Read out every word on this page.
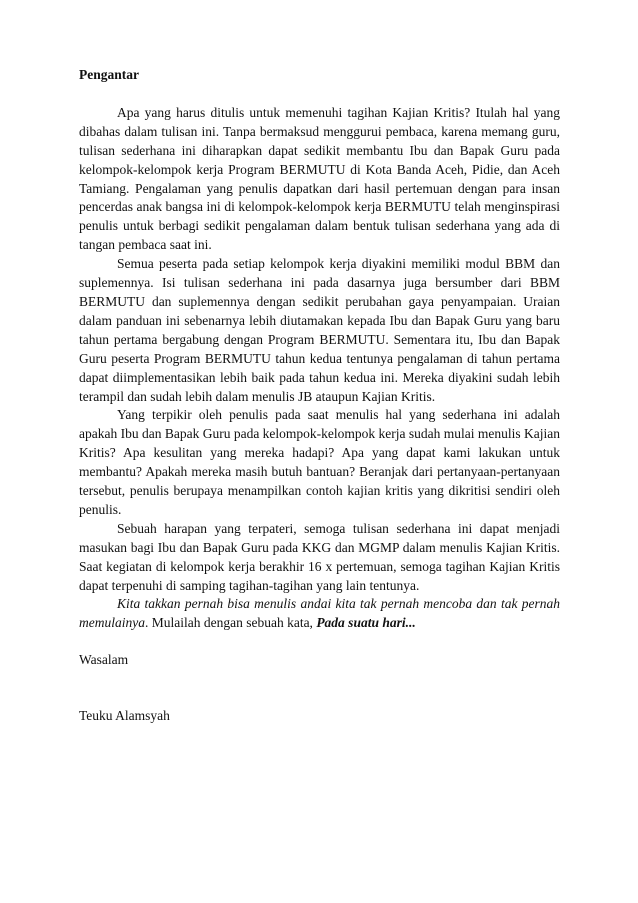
Pengantar

Apa yang harus ditulis untuk memenuhi tagihan Kajian Kritis? Itulah hal yang dibahas dalam tulisan ini. Tanpa bermaksud menggurui pembaca, karena memang guru, tulisan sederhana ini diharapkan dapat sedikit membantu Ibu dan Bapak Guru pada kelompok-kelompok kerja Program BERMUTU di Kota Banda Aceh, Pidie, dan Aceh Tamiang. Pengalaman yang penulis dapatkan dari hasil pertemuan dengan para insan pencerdas anak bangsa ini di kelompok-kelompok kerja BERMUTU telah menginspirasi penulis untuk berbagi sedikit pengalaman dalam bentuk tulisan sederhana yang ada di tangan pembaca saat ini.

Semua peserta pada setiap kelompok kerja diyakini memiliki modul BBM dan suplemennya. Isi tulisan sederhana ini pada dasarnya juga bersumber dari BBM BERMUTU dan suplemennya dengan sedikit perubahan gaya penyampaian. Uraian dalam panduan ini sebenarnya lebih diutamakan kepada Ibu dan Bapak Guru yang baru tahun pertama bergabung dengan Program BERMUTU. Sementara itu, Ibu dan Bapak Guru peserta Program BERMUTU tahun kedua tentunya pengalaman di tahun pertama dapat diimplementasikan lebih baik pada tahun kedua ini. Mereka diyakini sudah lebih terampil dan sudah lebih dalam menulis JB ataupun Kajian Kritis.

Yang terpikir oleh penulis pada saat menulis hal yang sederhana ini adalah apakah Ibu dan Bapak Guru pada kelompok-kelompok kerja sudah mulai menulis Kajian Kritis? Apa kesulitan yang mereka hadapi? Apa yang dapat kami lakukan untuk membantu? Apakah mereka masih butuh bantuan? Beranjak dari pertanyaan-pertanyaan tersebut, penulis berupaya menampilkan contoh kajian kritis yang dikritisi sendiri oleh penulis.

Sebuah harapan yang terpateri, semoga tulisan sederhana ini dapat menjadi masukan bagi Ibu dan Bapak Guru pada KKG dan MGMP dalam menulis Kajian Kritis. Saat kegiatan di kelompok kerja berakhir 16 x pertemuan, semoga tagihan Kajian Kritis dapat terpenuhi di samping tagihan-tagihan yang lain tentunya.

Kita takkan pernah bisa menulis andai kita tak pernah mencoba dan tak pernah memulainya. Mulailah dengan sebuah kata, Pada suatu hari...

Wasalam
Teuku Alamsyah
